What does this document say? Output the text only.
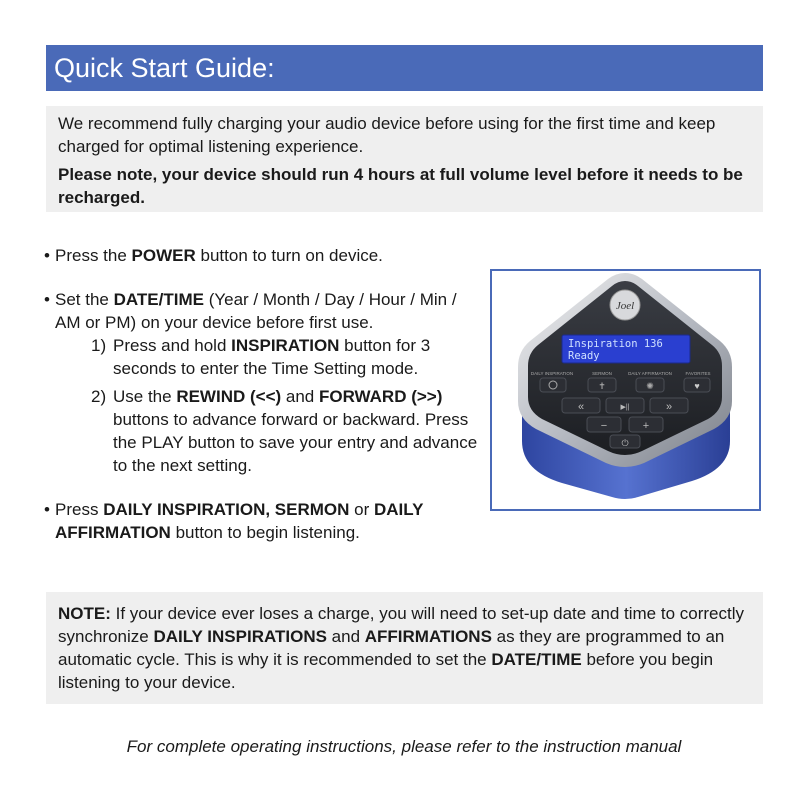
Quick Start Guide:

We recommend fully charging your audio device before using for the first time and keep charged for optimal listening experience.

Please note, your device should run 4 hours at full volume level before it needs to be recharged.

• Press the POWER button to turn on device.
• Set the DATE/TIME (Year / Month / Day / Hour / Min / AM or PM) on your device before first use.
1) Press and hold INSPIRATION button for 3 seconds to enter the Time Setting mode.
2) Use the REWIND (<<) and FORWARD (>>) buttons to advance forward or backward. Press the PLAY button to save your entry and advance to the next setting.
• Press DAILY INSPIRATION, SERMON or DAILY AFFIRMATION button to begin listening.
Joel
Inspiration 136
Ready
DAILY INSPIRATION	SERMON	DAILY AFFIRMATION	FAVORITES
✝	✺	♥
«	▶||	»
−	+
⏻

NOTE: If your device ever loses a charge, you will need to set-up date and time to correctly synchronize DAILY INSPIRATIONS and AFFIRMATIONS as they are programmed to an automatic cycle. This is why it is recommended to set the DATE/TIME before you begin listening to your device.

For complete operating instructions, please refer to the instruction manual
